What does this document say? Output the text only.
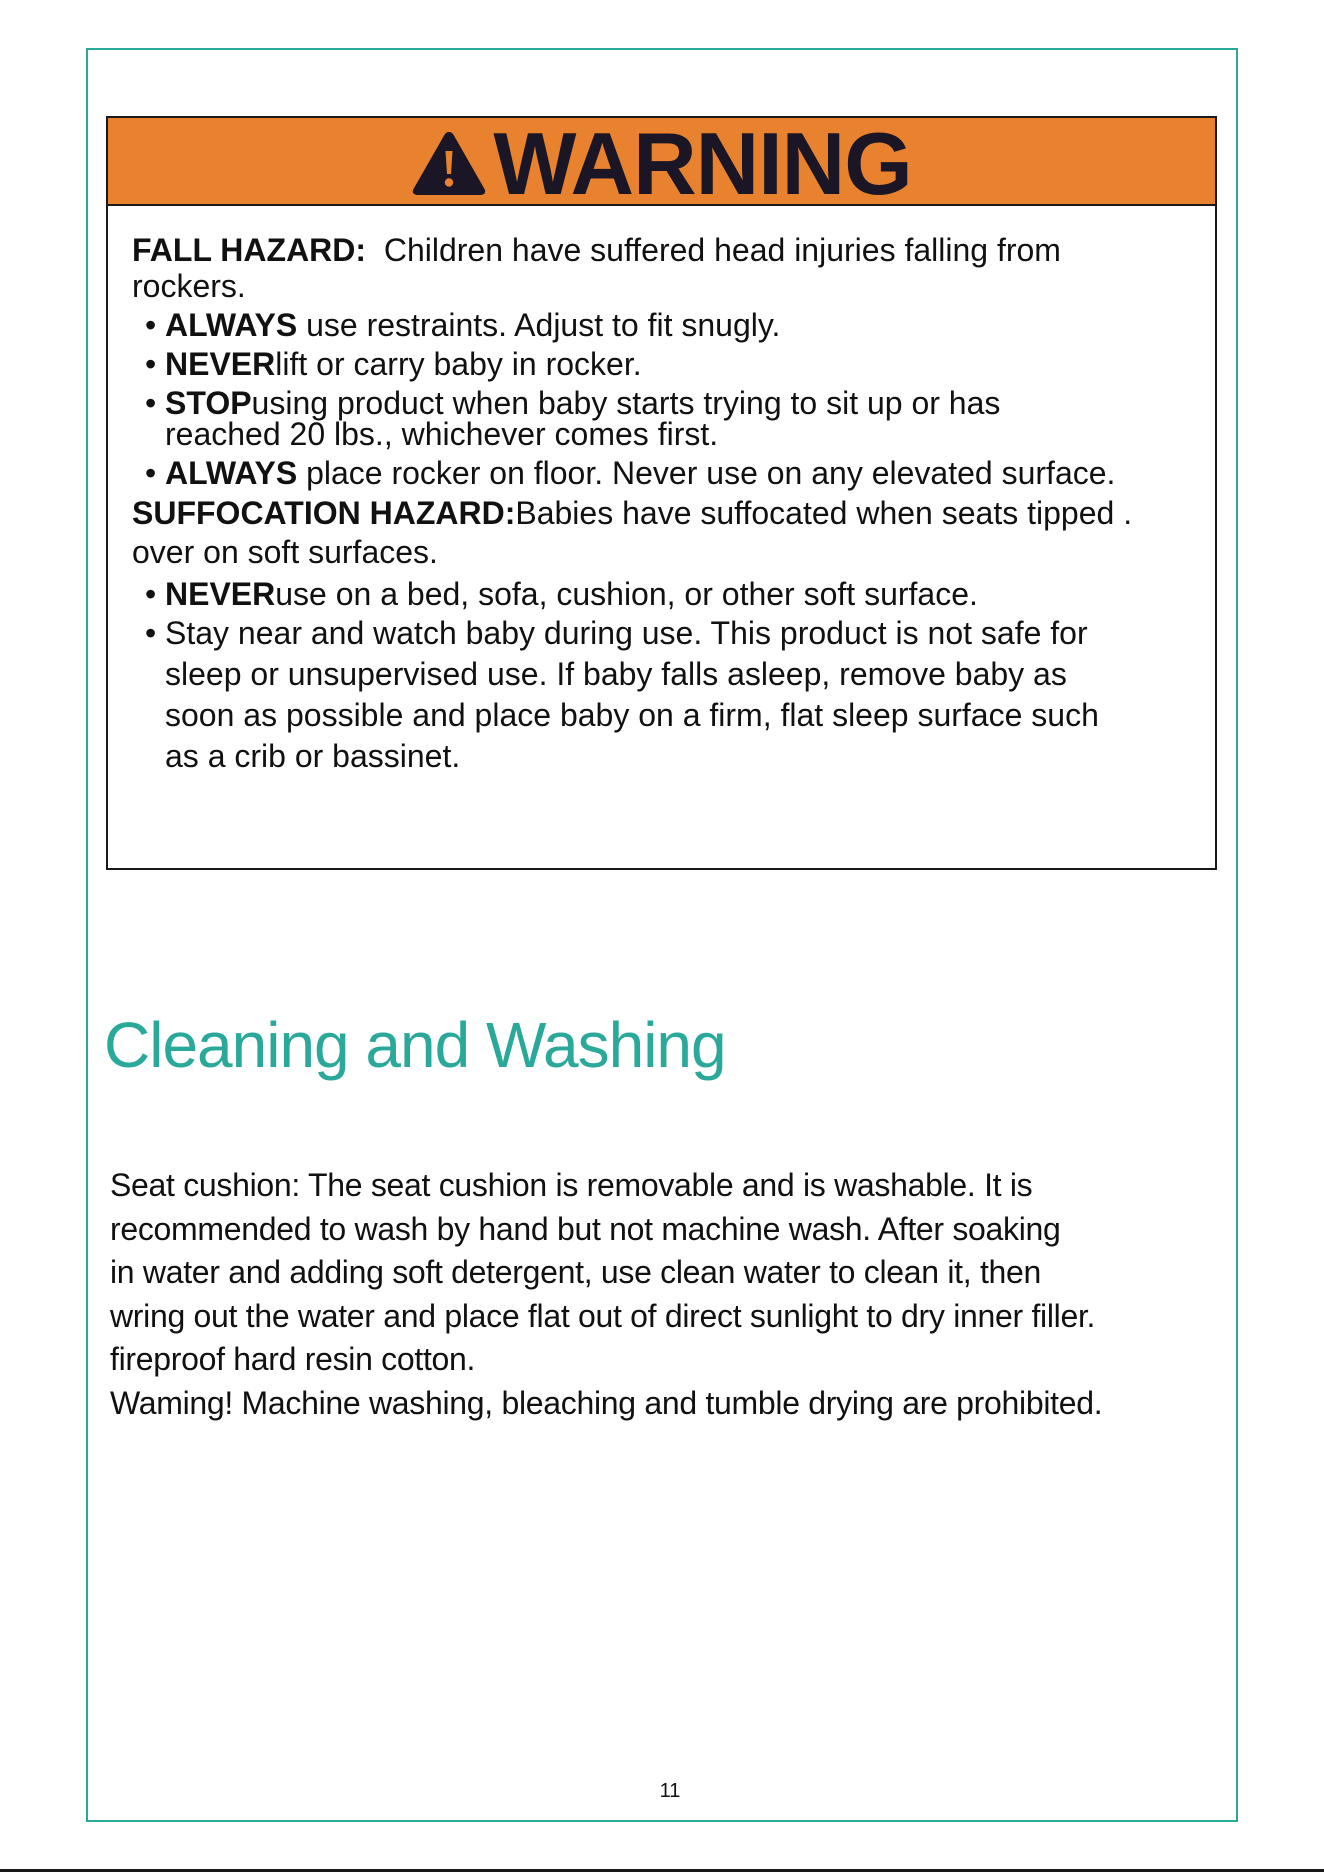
WARNING

FALL HAZARD:  Children have suffered head injuries falling from
rockers.

• ALWAYS use restraints. Adjust to fit snugly.
• NEVERlift or carry baby in rocker.
• STOPusing product when baby starts trying to sit up or has
reached 20 lbs., whichever comes first.
• ALWAYS place rocker on floor. Never use on any elevated surface.

SUFFOCATION HAZARD:Babies have suffocated when seats tipped .
over on soft surfaces.

• NEVERuse on a bed, sofa, cushion, or other soft surface.
• Stay near and watch baby during use. This product is not safe for
sleep or unsupervised use. If baby falls asleep, remove baby as
soon as possible and place baby on a firm, flat sleep surface such
as a crib or bassinet.
Cleaning and Washing
Seat cushion: The seat cushion is removable and is washable. It is
recommended to wash by hand but not machine wash. After soaking
in water and adding soft detergent, use clean water to clean it, then
wring out the water and place flat out of direct sunlight to dry inner filler.
fireproof hard resin cotton.
Waming! Machine washing, bleaching and tumble drying are prohibited.
11
